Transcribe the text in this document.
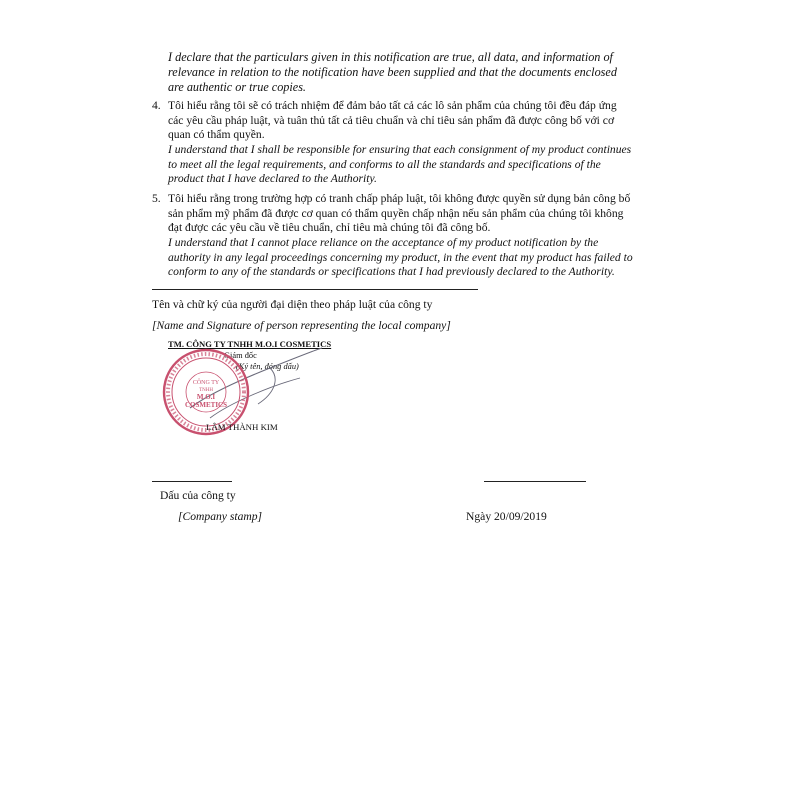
I declare that the particulars given in this notification are true, all data, and information of relevance in relation to the notification have been supplied and that the documents enclosed are authentic or true copies.
4. Tôi hiểu rằng tôi sẽ có trách nhiệm để đảm bảo tất cả các lô sản phẩm của chúng tôi đều đáp ứng các yêu cầu pháp luật, và tuân thủ tất cả tiêu chuẩn và chỉ tiêu sản phẩm đã được công bố với cơ quan có thẩm quyền.
I understand that I shall be responsible for ensuring that each consignment of my product continues to meet all the legal requirements, and conforms to all the standards and specifications of the product that I have declared to the Authority.
5. Tôi hiểu rằng trong trường hợp có tranh chấp pháp luật, tôi không được quyền sử dụng bản công bố sản phẩm mỹ phẩm đã được cơ quan có thẩm quyền chấp nhận nếu sản phẩm của chúng tôi không đạt được các yêu cầu về tiêu chuẩn, chỉ tiêu mà chúng tôi đã công bố.
I understand that I cannot place reliance on the acceptance of my product notification by the authority in any legal proceedings concerning my product, in the event that my product has failed to conform to any of the standards or specifications that I had previously declared to the Authority.
Tên và chữ ký của người đại diện theo pháp luật của công ty
[Name and Signature of person representing the local company]
TM. CÔNG TY TNHH M.O.I COSMETICS
Giám đốc
(Ký tên, đóng dấu)
CÔNG TY
TNHH
M.O.I
COSMETICS
LÂM THÀNH KIM
Dấu của công ty
[Company stamp]	Ngày 20/09/2019
